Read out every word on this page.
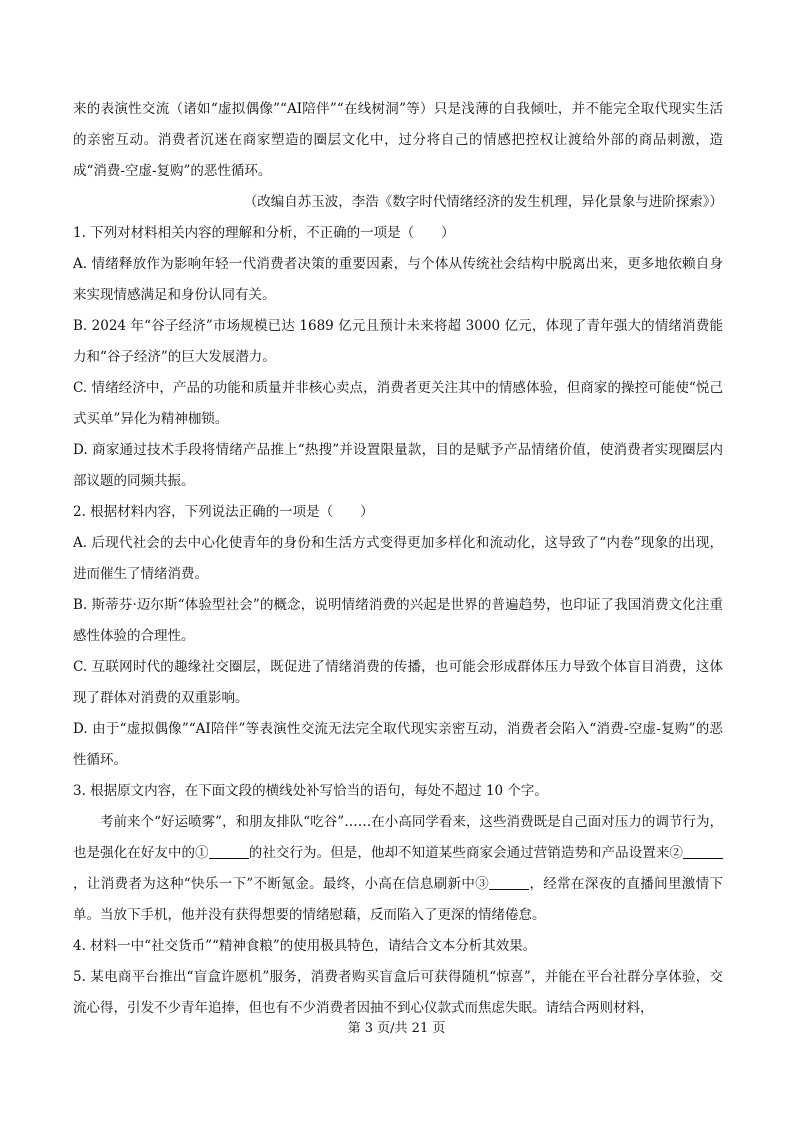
来的表演性交流（诸如“虚拟偶像”“AI陪伴”“在线树洞”等）只是浅薄的自我倾吐，并不能完全取代现实生活的亲密互动。消费者沉迷在商家塑造的圈层文化中，过分将自己的情感把控权让渡给外部的商品刺激，造成“消费-空虚-复购”的恶性循环。

（改编自苏玉波，李浩《数字时代情绪经济的发生机理，异化景象与进阶探索》）

1. 下列对材料相关内容的理解和分析，不正确的一项是（　　）

A. 情绪释放作为影响年轻一代消费者决策的重要因素，与个体从传统社会结构中脱离出来，更多地依赖自身来实现情感满足和身份认同有关。

B. 2024 年“谷子经济”市场规模已达 1689 亿元且预计未来将超 3000 亿元，体现了青年强大的情绪消费能力和“谷子经济”的巨大发展潜力。

C. 情绪经济中，产品的功能和质量并非核心卖点，消费者更关注其中的情感体验，但商家的操控可能使“悦己式买单”异化为精神枷锁。

D. 商家通过技术手段将情绪产品推上“热搜”并设置限量款，目的是赋予产品情绪价值，使消费者实现圈层内部议题的同频共振。

2. 根据材料内容，下列说法正确的一项是（　　）

A. 后现代社会的去中心化使青年的身份和生活方式变得更加多样化和流动化，这导致了“内卷”现象的出现，进而催生了情绪消费。

B. 斯蒂芬·迈尔斯“体验型社会”的概念，说明情绪消费的兴起是世界的普遍趋势，也印证了我国消费文化注重感性体验的合理性。

C. 互联网时代的趣缘社交圈层，既促进了情绪消费的传播，也可能会形成群体压力导致个体盲目消费，这体现了群体对消费的双重影响。

D. 由于“虚拟偶像”“AI陪伴”等表演性交流无法完全取代现实亲密互动，消费者会陷入“消费-空虚-复购”的恶性循环。

3. 根据原文内容，在下面文段的横线处补写恰当的语句，每处不超过 10 个字。

考前来个“好运喷雾”，和朋友排队“吃谷”……在小高同学看来，这些消费既是自己面对压力的调节行为，也是强化在好友中的①	的社交行为。但是，他却不知道某些商家会通过营销造势和产品设置来②，让消费者为这种“快乐一下”不断氪金。最终，小高在信息刷新中③	，经常在深夜的直播间里激情下单。当放下手机，他并没有获得想要的情绪慰藉，反而陷入了更深的情绪倦怠。

4. 材料一中“社交货币”“精神食粮”的使用极具特色，请结合文本分析其效果。

5. 某电商平台推出“盲盒许愿机”服务，消费者购买盲盒后可获得随机“惊喜”，并能在平台社群分享体验，交流心得，引发不少青年追捧，但也有不少消费者因抽不到心仪款式而焦虑失眠。请结合两则材料，

第 3 页/共 21 页
